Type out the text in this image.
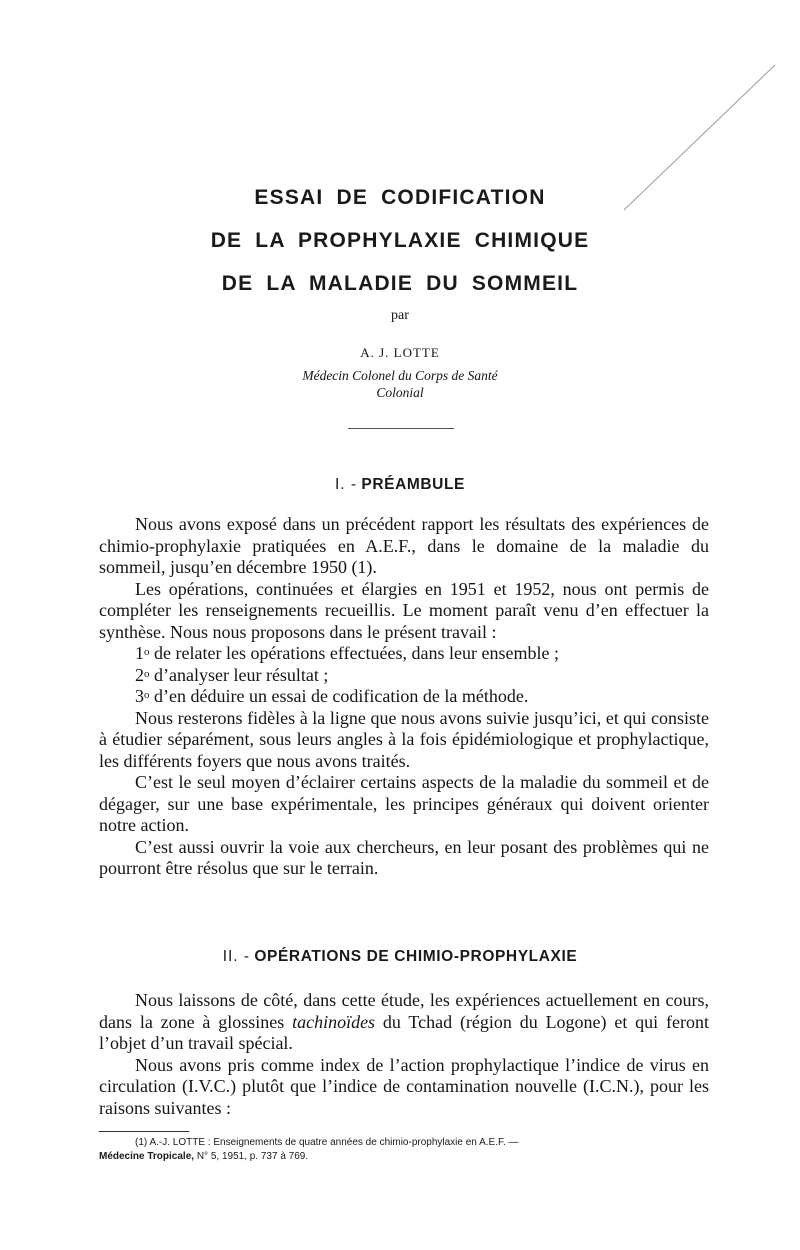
ESSAI DE CODIFICATION
DE LA PROPHYLAXIE CHIMIQUE
DE LA MALADIE DU SOMMEIL
par
A. J. LOTTE
Médecin Colonel du Corps de Santé
Colonial
I. - PRÉAMBULE

Nous avons exposé dans un précédent rapport les résultats des expériences de chimio-prophylaxie pratiquées en A.E.F., dans le domaine de la maladie du sommeil, jusqu’en décembre 1950 (1).

Les opérations, continuées et élargies en 1951 et 1952, nous ont permis de compléter les renseignements recueillis. Le moment paraît venu d’en effectuer la synthèse. Nous nous proposons dans le présent travail :

1$^o$ de relater les opérations effectuées, dans leur ensemble ;
2$^o$ d’analyser leur résultat ;
3$^o$ d’en déduire un essai de codification de la méthode.

Nous resterons fidèles à la ligne que nous avons suivie jusqu’ici, et qui consiste à étudier séparément, sous leurs angles à la fois épidémiologique et prophylactique, les différents foyers que nous avons traités.

C’est le seul moyen d’éclairer certains aspects de la maladie du sommeil et de dégager, sur une base expérimentale, les principes généraux qui doivent orienter notre action.

C’est aussi ouvrir la voie aux chercheurs, en leur posant des problèmes qui ne pourront être résolus que sur le terrain.

II. - OPÉRATIONS DE CHIMIO-PROPHYLAXIE

Nous laissons de côté, dans cette étude, les expériences actuellement en cours, dans la zone à glossines tachinoïdes du Tchad (région du Logone) et qui feront l’objet d’un travail spécial.

Nous avons pris comme index de l’action prophylactique l’indice de virus en circulation (I.V.C.) plutôt que l’indice de contamination nouvelle (I.C.N.), pour les raisons suivantes :

(1) A.-J. LOTTE : Enseignements de quatre années de chimio-prophylaxie en A.E.F. —
Médecine Tropicale, N° 5, 1951, p. 737 à 769.
